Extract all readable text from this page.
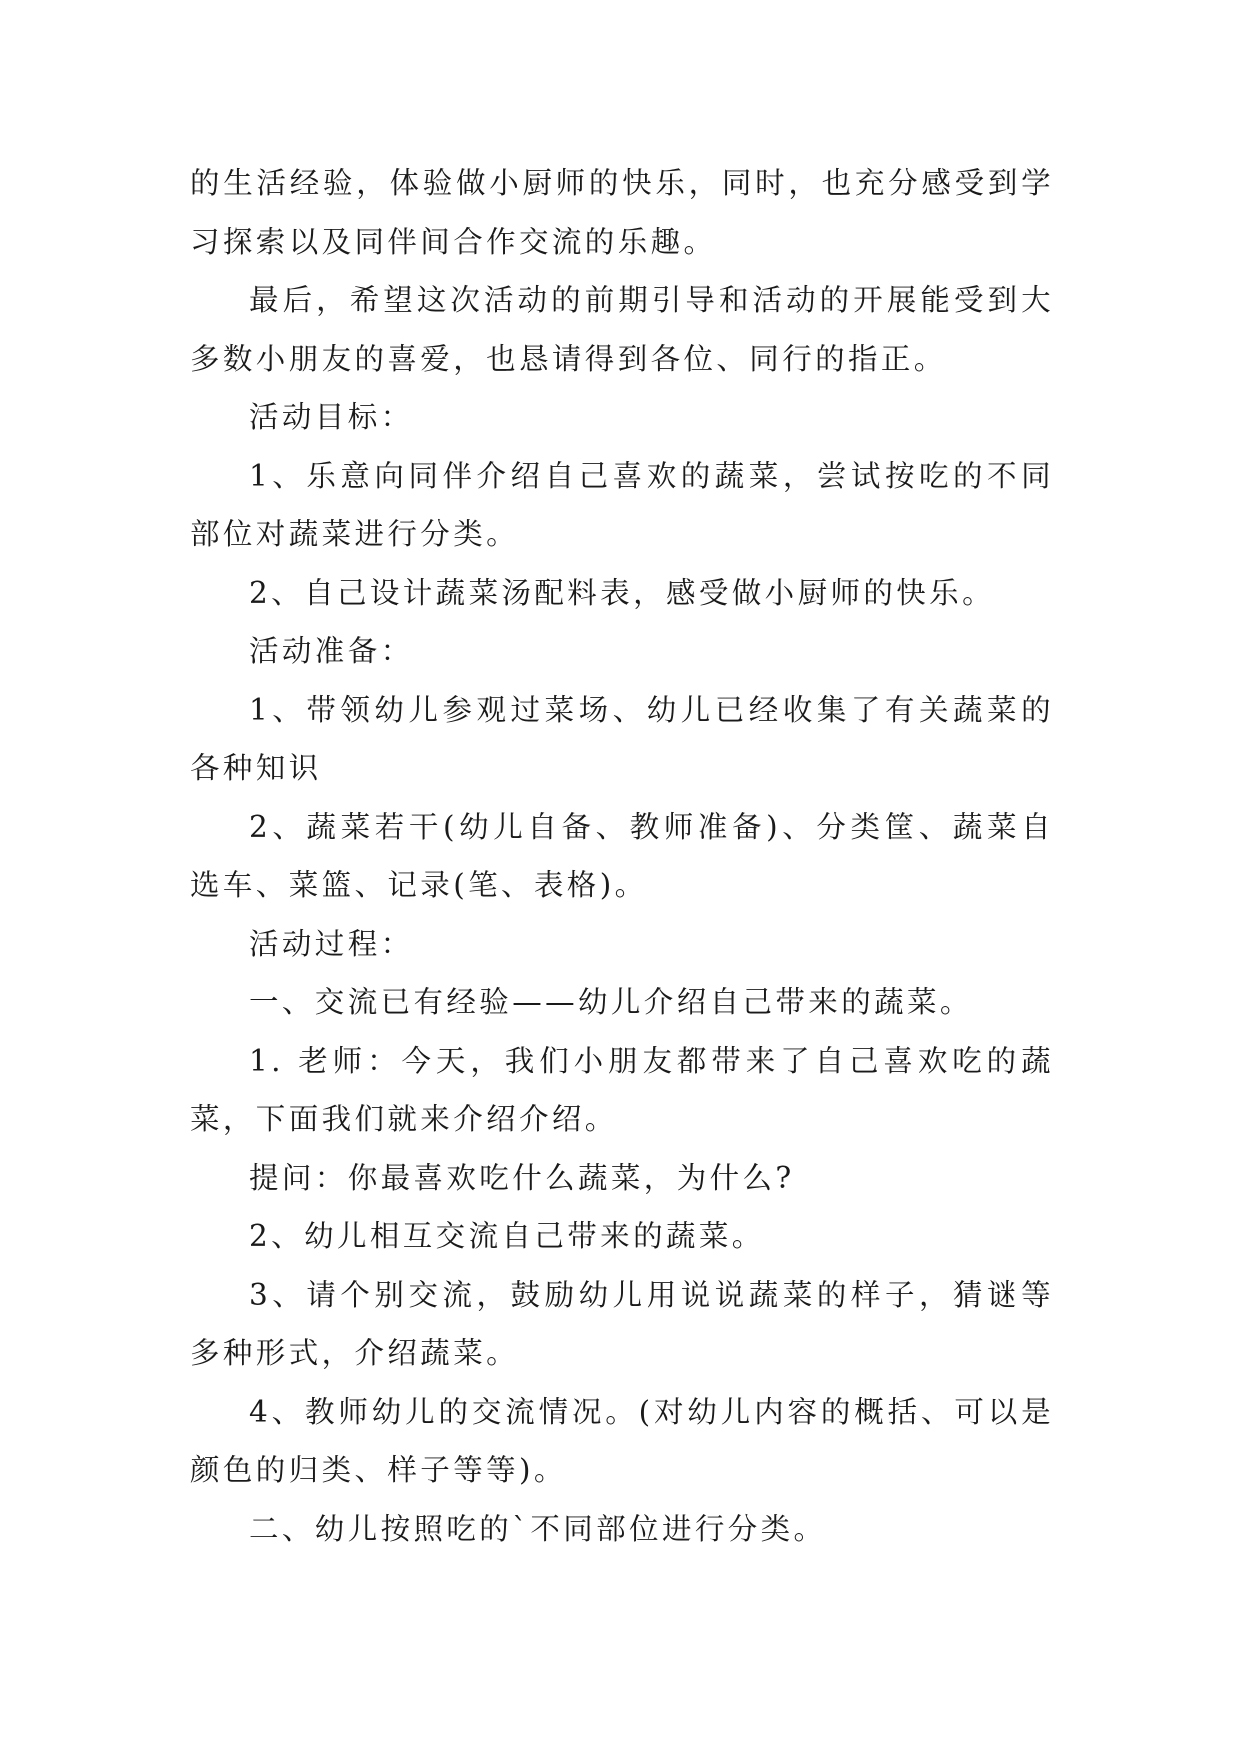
的生活经验，体验做小厨师的快乐，同时，也充分感受到学习探索以及同伴间合作交流的乐趣。

最后，希望这次活动的前期引导和活动的开展能受到大多数小朋友的喜爱，也恳请得到各位、同行的指正。

活动目标：

1、乐意向同伴介绍自己喜欢的蔬菜，尝试按吃的不同部位对蔬菜进行分类。

2、自己设计蔬菜汤配料表，感受做小厨师的快乐。

活动准备：

1、带领幼儿参观过菜场、幼儿已经收集了有关蔬菜的各种知识

2、蔬菜若干(幼儿自备、教师准备)、分类筐、蔬菜自选车、菜篮、记录(笔、表格)。

活动过程：

一、交流已有经验——幼儿介绍自己带来的蔬菜。

1. 老师：今天，我们小朋友都带来了自己喜欢吃的蔬菜，下面我们就来介绍介绍。

提问：你最喜欢吃什么蔬菜，为什么?

2、幼儿相互交流自己带来的蔬菜。

3、请个别交流，鼓励幼儿用说说蔬菜的样子，猜谜等多种形式，介绍蔬菜。

4、教师幼儿的交流情况。(对幼儿内容的概括、可以是颜色的归类、样子等等)。

二、幼儿按照吃的`不同部位进行分类。
